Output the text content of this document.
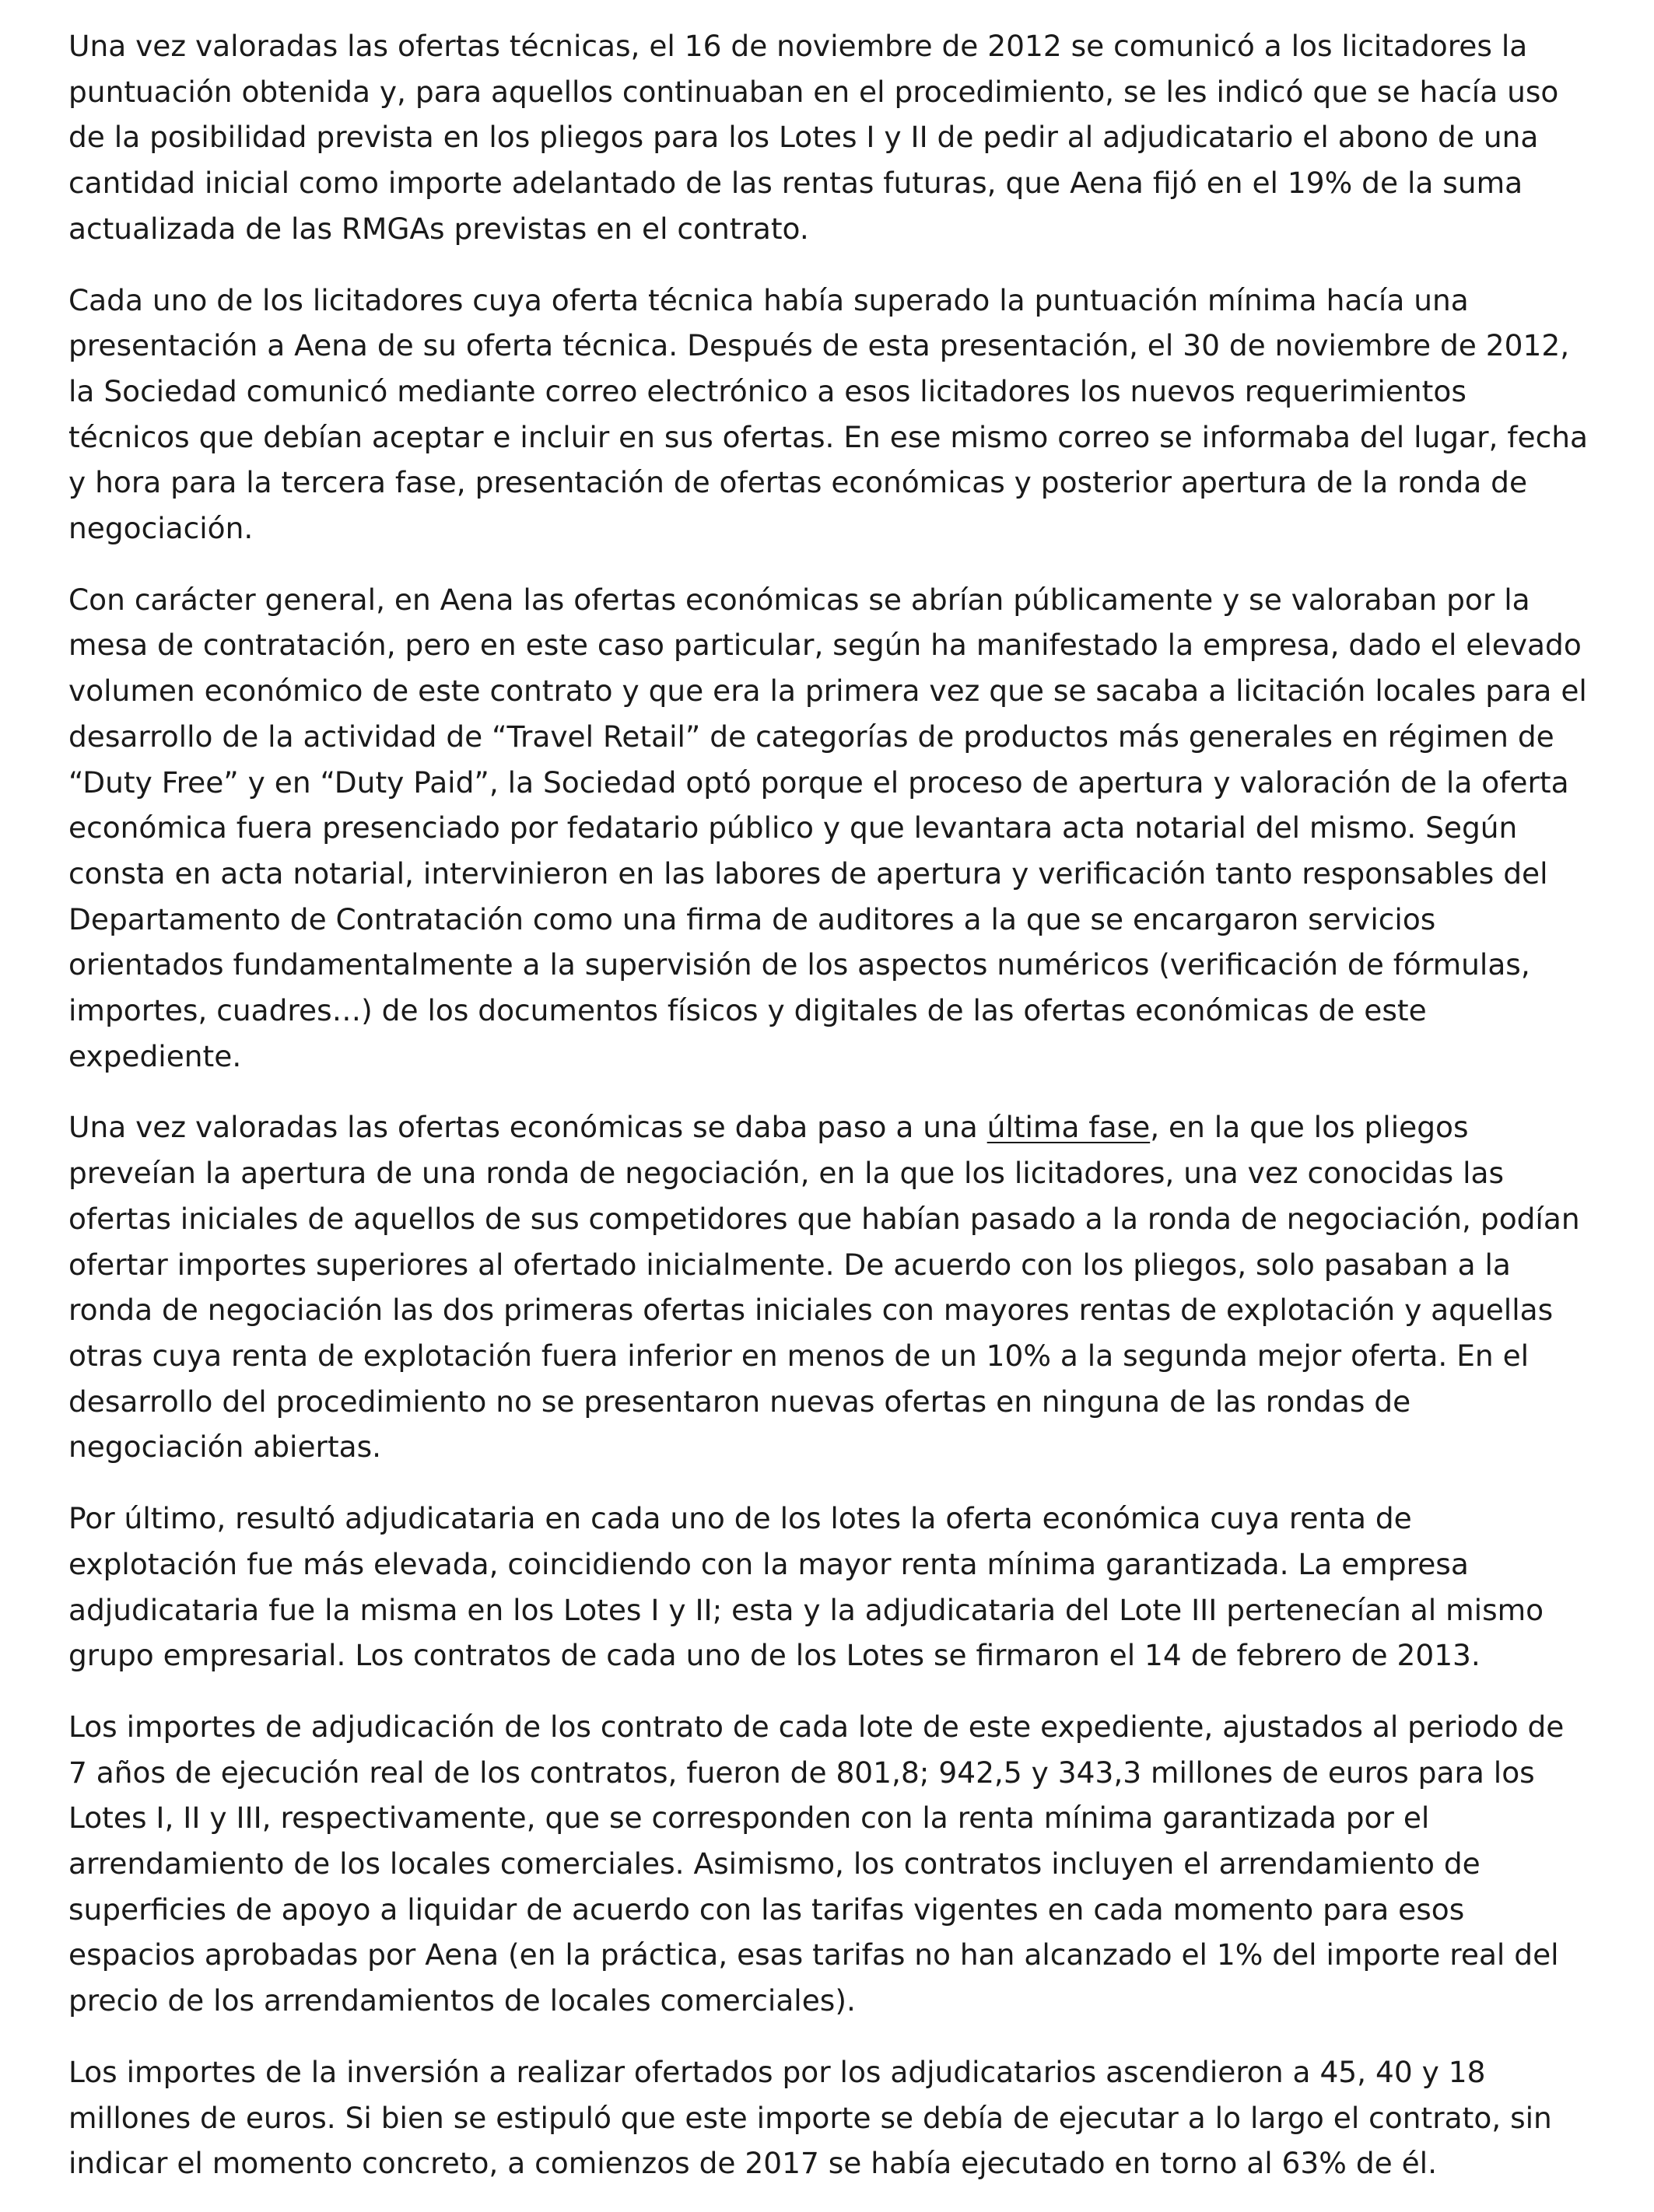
Una vez valoradas las ofertas técnicas, el 16 de noviembre de 2012 se comunicó a los licitadores la puntuación obtenida y, para aquellos continuaban en el procedimiento, se les indicó que se hacía uso de la posibilidad prevista en los pliegos para los Lotes I y II de pedir al adjudicatario el abono de una cantidad inicial como importe adelantado de las rentas futuras, que Aena fijó en el 19% de la suma actualizada de las RMGAs previstas en el contrato.

Cada uno de los licitadores cuya oferta técnica había superado la puntuación mínima hacía una presentación a Aena de su oferta técnica. Después de esta presentación, el 30 de noviembre de 2012, la Sociedad comunicó mediante correo electrónico a esos licitadores los nuevos requerimientos técnicos que debían aceptar e incluir en sus ofertas. En ese mismo correo se informaba del lugar, fecha y hora para la tercera fase, presentación de ofertas económicas y posterior apertura de la ronda de negociación.

Con carácter general, en Aena las ofertas económicas se abrían públicamente y se valoraban por la mesa de contratación, pero en este caso particular, según ha manifestado la empresa, dado el elevado volumen económico de este contrato y que era la primera vez que se sacaba a licitación locales para el desarrollo de la actividad de “Travel Retail” de categorías de productos más generales en régimen de “Duty Free” y en “Duty Paid”, la Sociedad optó porque el proceso de apertura y valoración de la oferta económica fuera presenciado por fedatario público y que levantara acta notarial del mismo. Según consta en acta notarial, intervinieron en las labores de apertura y verificación tanto responsables del Departamento de Contratación como una firma de auditores a la que se encargaron servicios orientados fundamentalmente a la supervisión de los aspectos numéricos (verificación de fórmulas, importes, cuadres…) de los documentos físicos y digitales de las ofertas económicas de este expediente.

Una vez valoradas las ofertas económicas se daba paso a una última fase, en la que los pliegos preveían la apertura de una ronda de negociación, en la que los licitadores, una vez conocidas las ofertas iniciales de aquellos de sus competidores que habían pasado a la ronda de negociación, podían ofertar importes superiores al ofertado inicialmente. De acuerdo con los pliegos, solo pasaban a la ronda de negociación las dos primeras ofertas iniciales con mayores rentas de explotación y aquellas otras cuya renta de explotación fuera inferior en menos de un 10% a la segunda mejor oferta. En el desarrollo del procedimiento no se presentaron nuevas ofertas en ninguna de las rondas de negociación abiertas.

Por último, resultó adjudicataria en cada uno de los lotes la oferta económica cuya renta de explotación fue más elevada, coincidiendo con la mayor renta mínima garantizada. La empresa adjudicataria fue la misma en los Lotes I y II; esta y la adjudicataria del Lote III pertenecían al mismo grupo empresarial. Los contratos de cada uno de los Lotes se firmaron el 14 de febrero de 2013.

Los importes de adjudicación de los contrato de cada lote de este expediente, ajustados al periodo de 7 años de ejecución real de los contratos, fueron de 801,8; 942,5 y 343,3 millones de euros para los Lotes I, II y III, respectivamente, que se corresponden con la renta mínima garantizada por el arrendamiento de los locales comerciales. Asimismo, los contratos incluyen el arrendamiento de superficies de apoyo a liquidar de acuerdo con las tarifas vigentes en cada momento para esos espacios aprobadas por Aena (en la práctica, esas tarifas no han alcanzado el 1% del importe real del precio de los arrendamientos de locales comerciales).

Los importes de la inversión a realizar ofertados por los adjudicatarios ascendieron a 45, 40 y 18 millones de euros. Si bien se estipuló que este importe se debía de ejecutar a lo largo el contrato, sin indicar el momento concreto, a comienzos de 2017 se había ejecutado en torno al 63% de él.
